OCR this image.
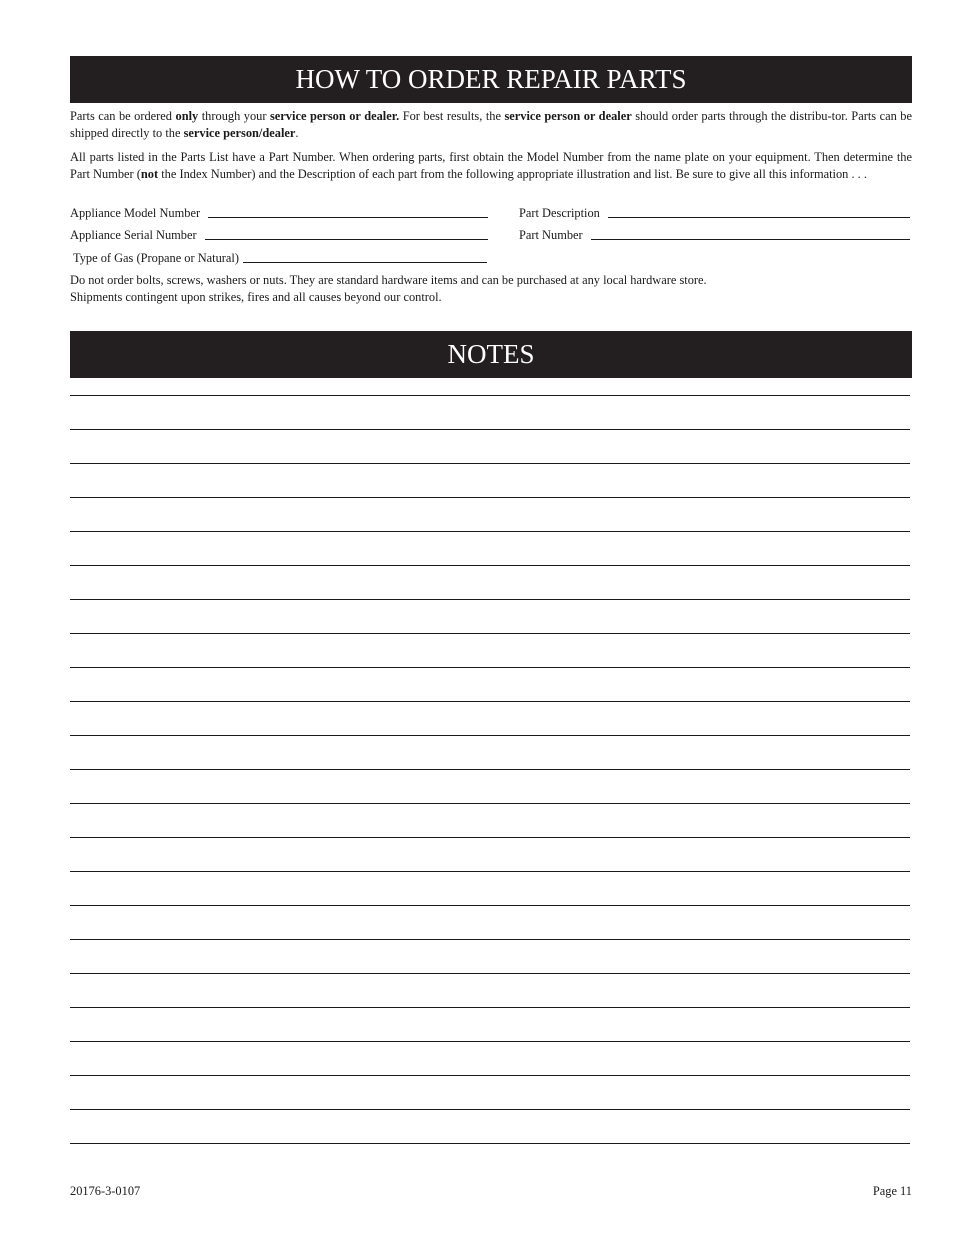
HOW TO ORDER REPAIR PARTS

Parts can be ordered only through your service person or dealer. For best results, the service person or dealer should order parts through the distribu-tor. Parts can be shipped directly to the service person/dealer.

All parts listed in the Parts List have a Part Number. When ordering parts, first obtain the Model Number from the name plate on your equipment. Then determine the Part Number (not the Index Number) and the Description of each part from the following appropriate illustration and list. Be sure to give all this information . . .

Appliance Model Number
Appliance Serial Number
Type of Gas (Propane or Natural)
Part Description
Part Number

Do not order bolts, screws, washers or nuts. They are standard hardware items and can be purchased at any local hardware store.
Shipments contingent upon strikes, fires and all causes beyond our control.

NOTES
20176-3-0107	Page 11
